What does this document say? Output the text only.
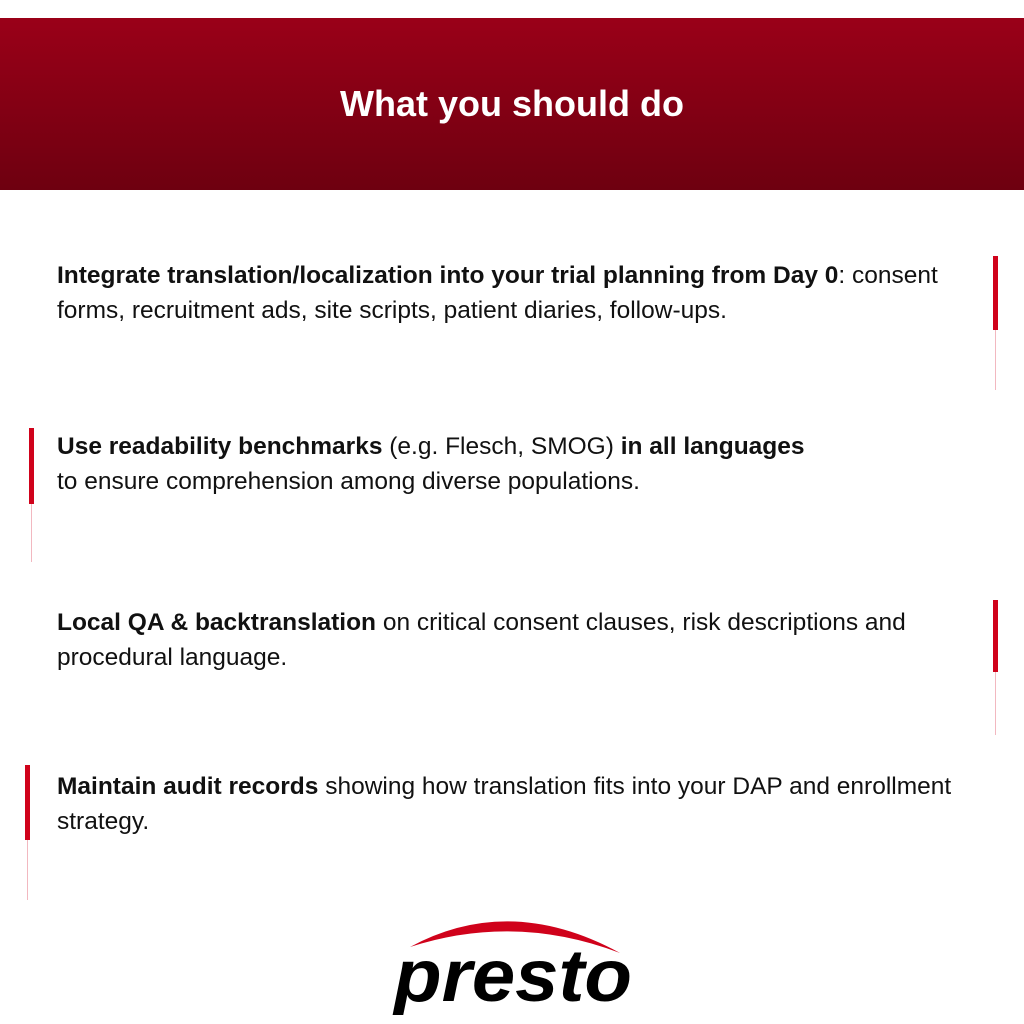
What you should do
Integrate translation/localization into your trial planning from Day 0: consent forms, recruitment ads, site scripts, patient diaries, follow-ups.
Use readability benchmarks (e.g. Flesch, SMOG) in all languages
to ensure comprehension among diverse populations.
Local QA & backtranslation on critical consent clauses, risk descriptions and procedural language.
Maintain audit records showing how translation fits into your DAP and enrollment strategy.
presto
